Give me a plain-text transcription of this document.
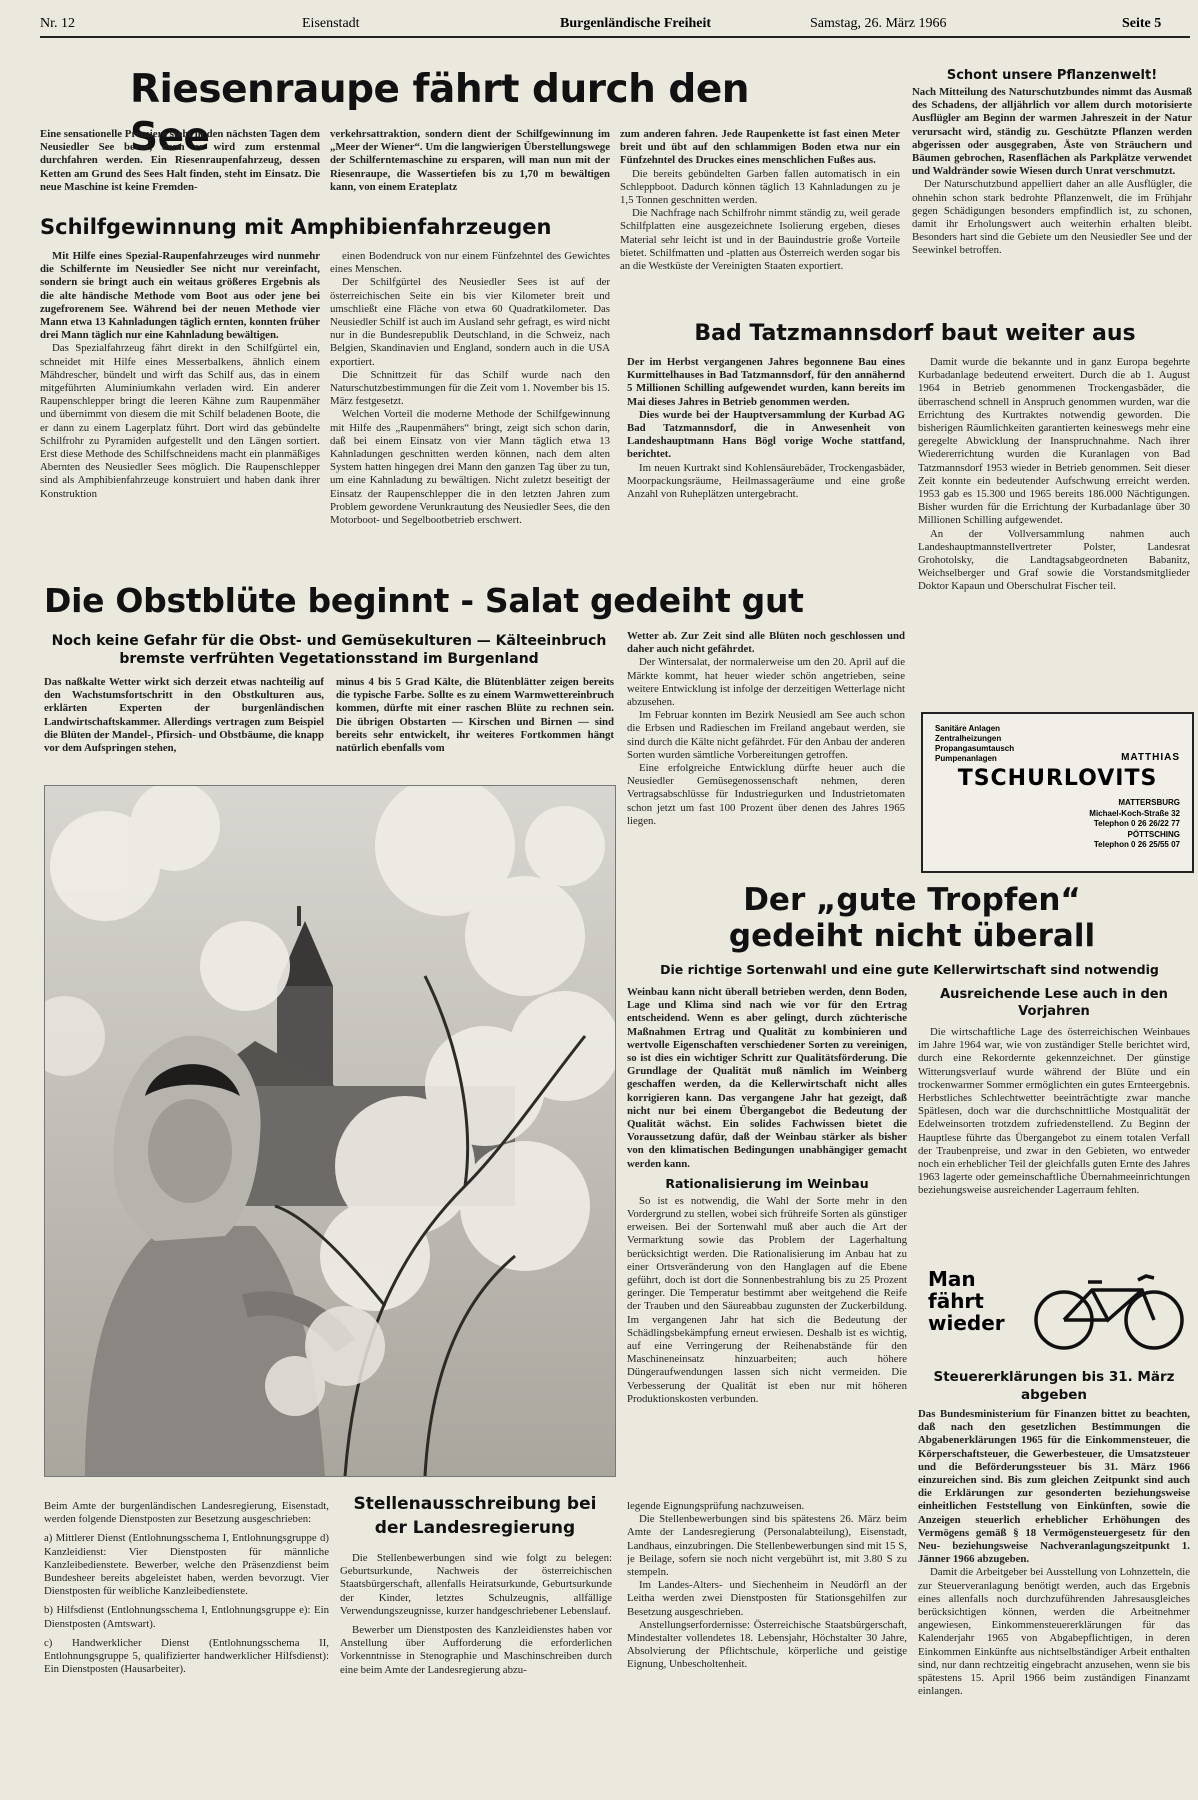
Nr. 12	Eisenstadt	Burgenländische Freiheit	Samstag, 26. März 1966	Seite 5
Riesenraupe fährt durch den See
Eine sensationelle Premiere steht in den nächsten Tagen dem Neusiedler See bevor, denn er wird zum erstenmal durchfahren werden. Ein Riesenraupenfahrzeug, dessen Ketten am Grund des Sees Halt finden, steht im Einsatz. Die neue Maschine ist keine Fremden-
verkehrsattraktion, sondern dient der Schilfgewinnung im „Meer der Wiener“. Um die langwierigen Überstellungswege der Schilferntemaschine zu ersparen, will man nun mit der Riesenraupe, die Wassertiefen bis zu 1,70 m bewältigen kann, von einem Erateplatz
Schilfgewinnung mit Amphibienfahrzeugen

Mit Hilfe eines Spezial-Raupenfahrzeuges wird nunmehr die Schilfernte im Neusiedler See nicht nur vereinfacht, sondern sie bringt auch ein weitaus größeres Ergebnis als die alte händische Methode vom Boot aus oder jene bei zugefrorenem See. Während bei der neuen Methode vier Mann etwa 13 Kahnladungen täglich ernten, konnten früher drei Mann täglich nur eine Kahnladung bewältigen.

Das Spezialfahrzeug fährt direkt in den Schilfgürtel ein, schneidet mit Hilfe eines Messerbalkens, ähnlich einem Mähdrescher, bündelt und wirft das Schilf aus, das in einem mitgeführten Aluminiumkahn verladen wird. Ein anderer Raupenschlepper bringt die leeren Kähne zum Raupenmäher und übernimmt von diesem die mit Schilf beladenen Boote, die er dann zu einem Lagerplatz führt. Dort wird das gebündelte Schilfrohr zu Pyramiden aufgestellt und den Längen sortiert. Erst diese Methode des Schilfschneidens macht ein planmäßiges Abernten des Neusiedler Sees möglich. Die Raupenschlepper sind als Amphibienfahrzeuge konstruiert und haben dank ihrer Konstruktion

einen Bodendruck von nur einem Fünfzehntel des Gewichtes eines Menschen.

Der Schilfgürtel des Neusiedler Sees ist auf der österreichischen Seite ein bis vier Kilometer breit und umschließt eine Fläche von etwa 60 Quadratkilometer. Das Neusiedler Schilf ist auch im Ausland sehr gefragt, es wird nicht nur in die Bundesrepublik Deutschland, in die Schweiz, nach Belgien, Skandinavien und England, sondern auch in die USA exportiert.

Die Schnittzeit für das Schilf wurde nach den Naturschutzbestimmungen für die Zeit vom 1. November bis 15. März festgesetzt.

Welchen Vorteil die moderne Methode der Schilfgewinnung mit Hilfe des „Raupenmähers“ bringt, zeigt sich schon darin, daß bei einem Einsatz von vier Mann täglich etwa 13 Kahnladungen geschnitten werden können, nach dem alten System hatten hingegen drei Mann den ganzen Tag über zu tun, um eine Kahnladung zu bewältigen. Nicht zuletzt beseitigt der Einsatz der Raupenschlepper die in den letzten Jahren zum Problem gewordene Verunkrautung des Neusiedler Sees, die den Motorboot- und Segelbootbetrieb erschwert.

zum anderen fahren. Jede Raupenkette ist fast einen Meter breit und übt auf den schlammigen Boden etwa nur ein Fünfzehntel des Druckes eines menschlichen Fußes aus.

Die bereits gebündelten Garben fallen automatisch in ein Schleppboot. Dadurch können täglich 13 Kahnladungen zu je 1,5 Tonnen geschnitten werden.

Die Nachfrage nach Schilfrohr nimmt ständig zu, weil gerade Schilfplatten eine ausgezeichnete Isolierung ergeben, dieses Material sehr leicht ist und in der Bauindustrie große Vorteile bietet. Schilfmatten und -platten aus Österreich werden sogar bis an die Westküste der Vereinigten Staaten exportiert.

Schont unsere Pflanzenwelt!

Nach Mitteilung des Naturschutzbundes nimmt das Ausmaß des Schadens, der alljährlich vor allem durch motorisierte Ausflügler am Beginn der warmen Jahreszeit in der Natur verursacht wird, ständig zu. Geschützte Pflanzen werden abgerissen oder ausgegraben, Äste von Sträuchern und Bäumen gebrochen, Rasenflächen als Parkplätze verwendet und Waldränder sowie Wiesen durch Unrat verschmutzt.

Der Naturschutzbund appelliert daher an alle Ausflügler, die ohnehin schon stark bedrohte Pflanzenwelt, die im Frühjahr gegen Schädigungen besonders empfindlich ist, zu schonen, damit ihr Erholungswert auch weiterhin erhalten bleibt. Besonders hart sind die Gebiete um den Neusiedler See und der Seewinkel betroffen.

Bad Tatzmannsdorf baut weiter aus

Der im Herbst vergangenen Jahres begonnene Bau eines Kurmittelhauses in Bad Tatzmannsdorf, für den annähernd 5 Millionen Schilling aufgewendet wurden, kann bereits im Mai dieses Jahres in Betrieb genommen werden.

Dies wurde bei der Hauptversammlung der Kurbad AG Bad Tatzmannsdorf, die in Anwesenheit von Landeshauptmann Hans Bögl vorige Woche stattfand, berichtet.

Im neuen Kurtrakt sind Kohlensäurebäder, Trockengasbäder, Moorpackungsräume, Heilmassageräume und eine große Anzahl von Ruheplätzen untergebracht.

Damit wurde die bekannte und in ganz Europa begehrte Kurbadanlage bedeutend erweitert. Durch die ab 1. August 1964 in Betrieb genommenen Trockengasbäder, die überraschend schnell in Anspruch genommen wurden, war die Errichtung des Kurtraktes notwendig geworden. Die bisherigen Räumlichkeiten garantierten keineswegs mehr eine geregelte Abwicklung der Inanspruchnahme. Nach ihrer Wiedererrichtung wurden die Kuranlagen von Bad Tatzmannsdorf 1953 wieder in Betrieb genommen. Seit dieser Zeit konnte ein bedeutender Aufschwung erreicht werden. 1953 gab es 15.300 und 1965 bereits 186.000 Nächtigungen. Bisher wurden für die Errichtung der Kurbadanlage über 30 Millionen Schilling aufgewendet.

An der Vollversammlung nahmen auch Landeshauptmannstellvertreter Polster, Landesrat Grohotolsky, die Landtagsabgeordneten Babanitz, Weichselberger und Graf sowie die Vorstandsmitglieder Doktor Kapaun und Oberschulrat Fischer teil.

Die Obstblüte beginnt - Salat gedeiht gut
Noch keine Gefahr für die Obst- und Gemüsekulturen — Kälteeinbruch bremste verfrühten Vegetationsstand im Burgenland
Das naßkalte Wetter wirkt sich derzeit etwas nachteilig auf den Wachstumsfortschritt in den Obstkulturen aus, erklärten Experten der burgenländischen Landwirtschaftskammer. Allerdings vertragen zum Beispiel die Blüten der Mandel-, Pfirsich- und Obstbäume, die knapp vor dem Aufspringen stehen,
minus 4 bis 5 Grad Kälte, die Blütenblätter zeigen bereits die typische Farbe. Sollte es zu einem Warmwettereinbruch kommen, dürfte mit einer raschen Blüte zu rechnen sein. Die übrigen Obstarten — Kirschen und Birnen — sind bereits sehr entwickelt, ihr weiteres Fortkommen hängt natürlich ebenfalls vom

Wetter ab. Zur Zeit sind alle Blüten noch geschlossen und daher auch nicht gefährdet.

Der Wintersalat, der normalerweise um den 20. April auf die Märkte kommt, hat heuer wieder schön angetrieben, seine weitere Entwicklung ist infolge der derzeitigen Wetterlage nicht abzusehen.

Im Februar konnten im Bezirk Neusiedl am See auch schon die Erbsen und Radieschen im Freiland angebaut werden, sie sind durch die Kälte nicht gefährdet. Für den Anbau der anderen Sorten wurden sämtliche Vorbereitungen getroffen.

Eine erfolgreiche Entwicklung dürfte heuer auch die Neusiedler Gemüsegenossenschaft nehmen, deren Vertragsabschlüsse für Industriegurken und Industrietomaten schon jetzt um fast 100 Prozent über denen des Jahres 1965 liegen.

Sanitäre Anlagen

Zentralheizungen

Propangasumtausch

Pumpenanlagen	MATTHIAS
TSCHURLOVITS
MATTERSBURG
Michael-Koch-Straße 32
Telephon 0 26 26/22 77
PÖTTSCHING
Telephon 0 26 25/55 07
Der „gute Tropfen“
gedeiht nicht überall
Die richtige Sortenwahl und eine gute Kellerwirtschaft sind notwendig

Weinbau kann nicht überall betrieben werden, denn Boden, Lage und Klima sind nach wie vor für den Ertrag entscheidend. Wenn es aber gelingt, durch züchterische Maßnahmen Ertrag und Qualität zu kombinieren und wertvolle Eigenschaften verschiedener Sorten zu vereinigen, so ist dies ein wichtiger Schritt zur Qualitätsförderung. Die Grundlage der Qualität muß nämlich im Weinberg geschaffen werden, da die Kellerwirtschaft nicht alles korrigieren kann. Das vergangene Jahr hat gezeigt, daß nicht nur bei einem Übergangebot die Bedeutung der Qualität wächst. Ein solides Fachwissen bietet die Voraussetzung dafür, daß der Weinbau stärker als bisher von den klimatischen Bedingungen unabhängiger gemacht werden kann.

Rationalisierung im Weinbau

So ist es notwendig, die Wahl der Sorte mehr in den Vordergrund zu stellen, wobei sich frühreife Sorten als günstiger erweisen. Bei der Sortenwahl muß aber auch die Art der Vermarktung sowie das Problem der Lagerhaltung berücksichtigt werden. Die Rationalisierung im Anbau hat zu einer Ortsveränderung von den Hanglagen auf die Ebene geführt, doch ist dort die Sonnenbestrahlung bis zu 25 Prozent geringer. Die Temperatur bestimmt aber weitgehend die Reife der Trauben und den Säureabbau zugunsten der Zuckerbildung. Im vergangenen Jahr hat sich die Bedeutung der Schädlingsbekämpfung erneut erwiesen. Deshalb ist es wichtig, auf eine Verringerung der Reihenabstände für den Maschineneinsatz hinzuarbeiten; auch höhere Düngeraufwendungen lassen sich nicht vermeiden. Die Verbesserung der Qualität ist eben nur mit höheren Produktionskosten verbunden.

Ausreichende Lese auch in den Vorjahren

Die wirtschaftliche Lage des österreichischen Weinbaues im Jahre 1964 war, wie von zuständiger Stelle berichtet wird, durch eine Rekordernte gekennzeichnet. Der günstige Witterungsverlauf wurde während der Blüte und ein trockenwarmer Sommer ermöglichten ein gutes Ernteergebnis. Herbstliches Schlechtwetter beeinträchtigte zwar manche Spätlesen, doch war die durchschnittliche Mostqualität der Edelweinsorten trotzdem zufriedenstellend. Zu Beginn der Hauptlese führte das Übergangebot zu einem totalen Verfall der Traubenpreise, und zwar in den Gebieten, wo entweder noch ein erheblicher Teil der gleichfalls guten Ernte des Jahres 1963 lagerte oder gemeinschaftliche Übernahmeeinrichtungen beziehungsweise ausreichender Lagerraum fehlten.

Man
fährt
wieder
Steuererklärungen bis 31. März abgeben

Das Bundesministerium für Finanzen bittet zu beachten, daß nach den gesetzlichen Bestimmungen die Abgabenerklärungen 1965 für die Einkommensteuer, die Körperschaftsteuer, die Gewerbesteuer, die Umsatzsteuer und die Beförderungssteuer bis 31. März 1966 einzureichen sind. Bis zum gleichen Zeitpunkt sind auch die Erklärungen zur gesonderten beziehungsweise einheitlichen Feststellung von Einkünften, sowie die Anzeigen steuerlich erheblicher Erhöhungen des Vermögens gemäß § 18 Vermögensteuergesetz für den Neu- beziehungsweise Nachveranlagungszeitpunkt 1. Jänner 1966 abzugeben.

Damit die Arbeitgeber bei Ausstellung von Lohnzetteln, die zur Steuerveranlagung benötigt werden, auch das Ergebnis eines allenfalls noch durchzuführenden Jahresausgleiches berücksichtigen können, werden die Arbeitnehmer angewiesen, Einkommensteuererklärungen für das Kalenderjahr 1965 von Abgabepflichtigen, in deren Einkommen Einkünfte aus nichtselbständiger Arbeit enthalten sind, nur dann rechtzeitig eingebracht anzusehen, wenn sie bis spätestens 15. April 1966 beim zuständigen Finanzamt einlangen.

Stellenausschreibung bei der Landesregierung

Beim Amte der burgenländischen Landesregierung, Eisenstadt, werden folgende Dienstposten zur Besetzung ausgeschrieben:

a) Mittlerer Dienst (Entlohnungsschema I, Entlohnungsgruppe d) Kanzleidienst: Vier Dienstposten für männliche Kanzleibedienstete. Bewerber, welche den Präsenzdienst beim Bundesheer bereits abgeleistet haben, werden bevorzugt. Vier Dienstposten für weibliche Kanzleibedienstete.

b) Hilfsdienst (Entlohnungsschema I, Entlohnungsgruppe e): Ein Dienstposten (Amtswart).

c) Handwerklicher Dienst (Entlohnungsschema II, Entlohnungsgruppe 5, qualifizierter handwerklicher Hilfsdienst): Ein Dienstposten (Hausarbeiter).

Die Stellenbewerbungen sind wie folgt zu belegen: Geburtsurkunde, Nachweis der österreichischen Staatsbürgerschaft, allenfalls Heiratsurkunde, Geburtsurkunde der Kinder, letztes Schulzeugnis, allfällige Verwendungszeugnisse, kurzer handgeschriebener Lebenslauf.

Bewerber um Dienstposten des Kanzleidienstes haben vor Anstellung über Aufforderung die erforderlichen Vorkenntnisse in Stenographie und Maschinschreiben durch eine beim Amte der Landesregierung abzu-

legende Eignungsprüfung nachzuweisen.

Die Stellenbewerbungen sind bis spätestens 26. März beim Amte der Landesregierung (Personalabteilung), Eisenstadt, Landhaus, einzubringen. Die Stellenbewerbungen sind mit 15 S, je Beilage, sofern sie noch nicht vergebührt ist, mit 3.80 S zu stempeln.

Im Landes-Alters- und Siechenheim in Neudörfl an der Leitha werden zwei Dienstposten für Stationsgehilfen zur Besetzung ausgeschrieben.

Anstellungserfordernisse: Österreichische Staatsbürgerschaft, Mindestalter vollendetes 18. Lebensjahr, Höchstalter 30 Jahre, Absolvierung der Pflichtschule, körperliche und geistige Eignung, Unbescholtenheit.
